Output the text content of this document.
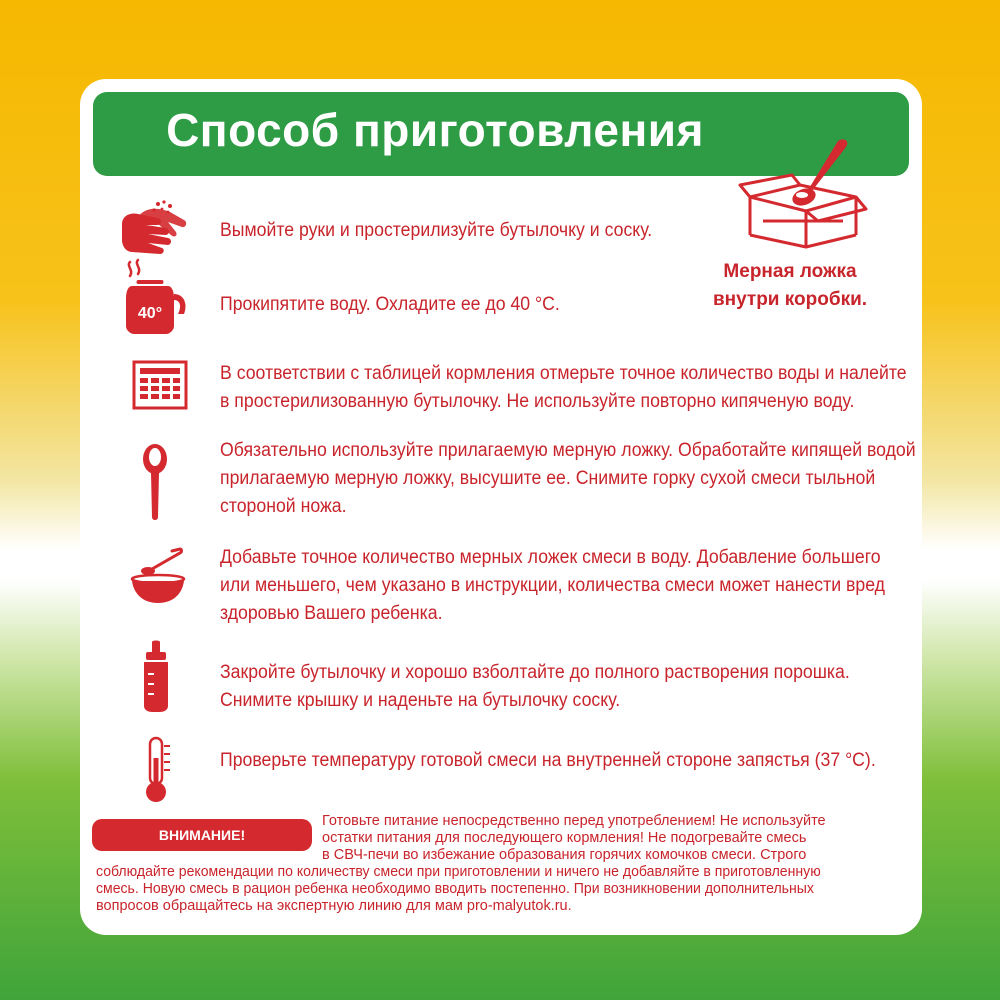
Способ приготовления
Мерная ложка
внутри коробки.
Вымойте руки и простерилизуйте бутылочку и соску.
40°	Прокипятите воду. Охладите ее до 40 °С.
В соответствии с таблицей кормления отмерьте точное количество воды и налейте
в простерилизованную бутылочку. Не используйте повторно кипяченую воду.
Обязательно используйте прилагаемую мерную ложку. Обработайте кипящей водой
прилагаемую мерную ложку, высушите ее. Снимите горку сухой смеси тыльной
стороной ножа.
Добавьте точное количество мерных ложек смеси в воду. Добавление большего
или меньшего, чем указано в инструкции, количества смеси может нанести вред
здоровью Вашего ребенка.
Закройте бутылочку и хорошо взболтайте до полного растворения порошка.
Снимите крышку и наденьте на бутылочку соску.
Проверьте температуру готовой смеси на внутренней стороне запястья (37 °С).
ВНИМАНИЕ!
Готовьте питание непосредственно перед употреблением! Не используйте
остатки питания для последующего кормления! Не подогревайте смесь
в СВЧ-печи во избежание образования горячих комочков смеси. Строго
соблюдайте рекомендации по количеству смеси при приготовлении и ничего не добавляйте в приготовленную
смесь. Новую смесь в рацион ребенка необходимо вводить постепенно. При возникновении дополнительных
вопросов обращайтесь на экспертную линию для мам pro-malyutok.ru.
